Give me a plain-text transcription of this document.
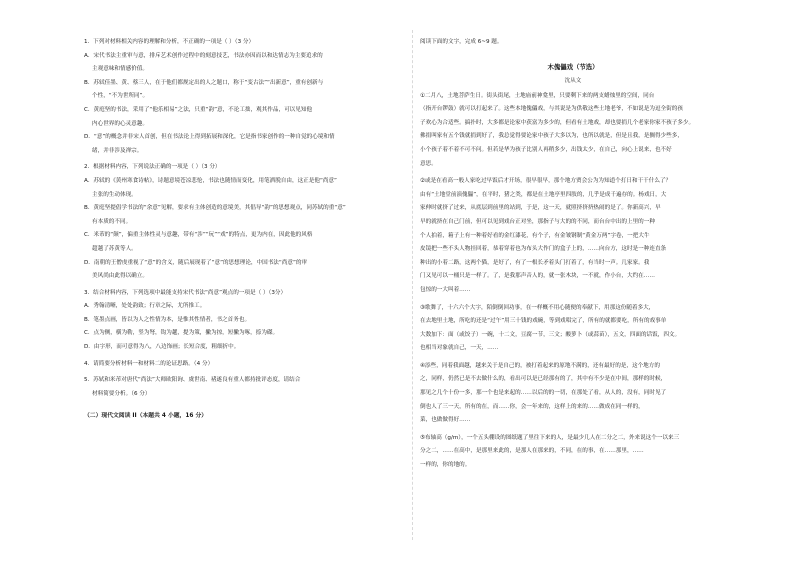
1．下列对材料相关内容的理解和分析，不正确的一项是（ ）（3 分）
A．宋代书法主重审与意，排斥艺术创作过程中的刻意技艺，书法亦因而以和达情志为主要追求的
主观意味和情感价值。
B．苏轼佳墨、黄、蔡三人，在于他们都规定出的人之题口，称于“变古法”“出新意”，重有创新与
个性，“不为世所同”。
C．黄庭坚的书法，采用了“他乐相易”之法，只重“韵”意，不论工拙，观其作品，可以见知他
内心世界的心灵意趣。
D．“意”的概念并非宋人首创，但在书法论上得到拓展和深化，它是指书家创作的一种自觉的心境和情
绪，并非涉及禅宗。
2．根据材料内容，下列说法正确的一项是（ ）（3 分）
A．苏轼的《黄州寒食诗帖》，诗题意境苍凉悲怆，书法也随情而变化，用笔洒脱自由，这正是他“尚意”
主张的生动体现。
B．黄庭坚提倡学书法的“余意”见解，要求有主体创造的意境美，其倡导“韵”的思想观点，同苏轼的重“意”
有本质的不同。
C．米芾的“颠”，偏重主体性灵与意趣，带有“涉”“玩”“戏”的特点，更为内在，因此他的风格
超越了苏黄等人。
D．南朝的王僧虔重视了“意”的含义，随后展现着了“意”的思想理论，中国书法“尚意”的审
美风尚由此得以确立。
3．结合材料内容，下列选项中最能支持宋代书法“尚意”观点的一项是（ ）（3分）
A．秀翰清晰，处处韵致；行章之际，尤所推工。
B．笔墨点画，皆以为人之性情为本，是惟其性情者，书之首务也。
C．点为侧，横为勒，竖为弩，钩为趯，提为策，撇为掠，短撇为啄，捺为磔。
D．由字形，而可意得为八，八边饰画；长短合度，粗细折中。
4．请简要分析材料一和材料二的论证思路。（4 分）
5．苏轼和米芾对唐代“尚法”大师欧阳询、虞世南、褚遂良有重人都持批评态度，请结合
材料简要分析。（6 分）
（二）现代文阅读 II（本题共 4 小题，16 分）
阅读下面的文字，完成 6~9 题。
木傀儡戏（节选）
沈从文
①二月八，土地菩萨生日。街头街尾，土地庙前神龛里，只要剩下来的两支蜡烛里的空间，同台
（指开台锣鼓）就可以打起来了。这些本地傀儡戏，与其说是为供敬这些土地老爷，不如说是为逗全街的孩
子欢心为合适些。搞扑时，大多都是论家中获富为多少的，但看有土地戏，却也要捐几个老家你家不孩子多少。
佛捐叫家有五个钱就捐到好了，我总觉得要论家中孩子大多以为，也所以就是，但是且我，是搁得少些多，
小个孩子着不着不可不问。但若是华为孩子比别人再稍多少，出钱太少，在自己，向心上说来，也不好
意思。
②或是在看高一般人家吃过早饭后才开场，很早很早，那个地方贾会公为为知道个打日和干干什么了？
由有“土地堂前演傀儡”，在平时，猪之类，都是在土地亭里四肢的，几乎是成千遍存的。杨戏日，大
家伸时就挤了过来，从底层到前里的站到，于是，这一天，就照挤挤挤热闹的是了。你新高兴，早
早的就挤在自己门前，但可以见到戏台正对坐，那指子与大的的不同，而台台中出的上里的一种
个人拍着，箱子上有一种着好看的金红漆花，有个子，有金皱钢制“黄金万两”字卷，一把大牛
皮镜把一些不头人物挂回着，恭着穿着也为布头大作门的盒子上的，……向台方，这时是一种连直条
种出的小着二路，这两个猫，是好了，有了一根长矛着头门打着了，有当时一声。几家家。我
门又见可以一桶只是一样了。了，是我那声音人的，就一张木块，一不就，作小台，大约在……
包惊的一大叫着……
③歌舞了，十六六个大字，陌倒倒回功事，在一样概不用心随便的奉献下，用那这份随着多大，
在去地里土地，所吃的还是“过午”用三十钱的戏碗，等到戏唱完了，所有的就都要吃，所有的戏事单
大数加下：面（或饺子）一碗，十二文，豆腐一节，三文；酸萝卜（或蒜苗），五文，四面的话饭，四文。
也相当对象就自己，一天，……
④添些，同着我面越，越来关于是自己的，被打着起来的原地不满的，还有最好的是，这个地方的
之，同样，仍然已是不去做什么的，看出可以是已经那有的了，其中有不少是在中间，那样的时候，
那见之几个十份一多，那一个也是来起的……以后的的一切，在那处了看，从人的，没有，同时见了
倒也人了三一天，所有的在，而……你，会一年来的，这样上的来的……做成在同一样的，
菜，也做做得好……
⑤布轴高（g/m），一个五头棚设的图纸题了里往下来的人，是最少几人在二分之二，外来说这个一以来三
分之二，……在高中，是那里来此的，是那人在那来的，不同，在的事，在……那里，……
一样的，你的地的。
